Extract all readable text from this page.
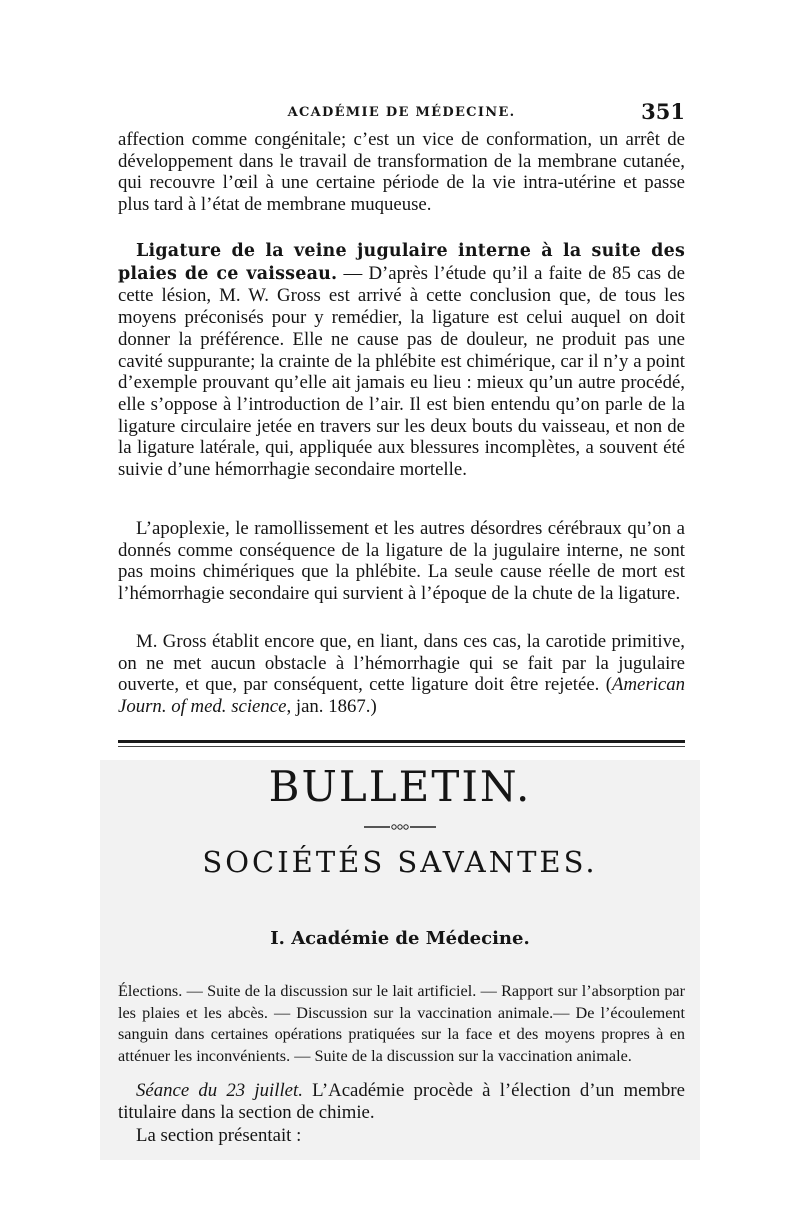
ACADÉMIE DE MÉDECINE.	351

affection comme congénitale; c’est un vice de conformation, un arrêt de développement dans le travail de transformation de la membrane cutanée, qui recouvre l’œil à une certaine période de la vie intra-utérine et passe plus tard à l’état de membrane muqueuse.

Ligature de la veine jugulaire interne à la suite des plaies de ce vaisseau. — D’après l’étude qu’il a faite de 85 cas de cette lésion, M. W. Gross est arrivé à cette conclusion que, de tous les moyens préconisés pour y remédier, la ligature est celui auquel on doit donner la préférence. Elle ne cause pas de douleur, ne produit pas une cavité suppurante; la crainte de la phlébite est chimérique, car il n’y a point d’exemple prouvant qu’elle ait jamais eu lieu : mieux qu’un autre procédé, elle s’oppose à l’introduction de l’air. Il est bien entendu qu’on parle de la ligature circulaire jetée en travers sur les deux bouts du vaisseau, et non de la ligature latérale, qui, appliquée aux blessures incomplètes, a souvent été suivie d’une hémorrhagie secondaire mortelle.

L’apoplexie, le ramollissement et les autres désordres cérébraux qu’on a donnés comme conséquence de la ligature de la jugulaire interne, ne sont pas moins chimériques que la phlébite. La seule cause réelle de mort est l’hémorrhagie secondaire qui survient à l’époque de la chute de la ligature.

M. Gross établit encore que, en liant, dans ces cas, la carotide primitive, on ne met aucun obstacle à l’hémorrhagie qui se fait par la jugulaire ouverte, et que, par conséquent, cette ligature doit être rejetée. (American Journ. of med. science, jan. 1867.)

BULLETIN.
SOCIÉTÉS SAVANTES.
I. Académie de Médecine.

Élections. — Suite de la discussion sur le lait artificiel. — Rapport sur l’absorption par les plaies et les abcès. — Discussion sur la vaccination animale.— De l’écoulement sanguin dans certaines opérations pratiquées sur la face et des moyens propres à en atténuer les inconvénients. — Suite de la discussion sur la vaccination animale.

Séance du 23 juillet. L’Académie procède à l’élection d’un membre titulaire dans la section de chimie.

La section présentait :
